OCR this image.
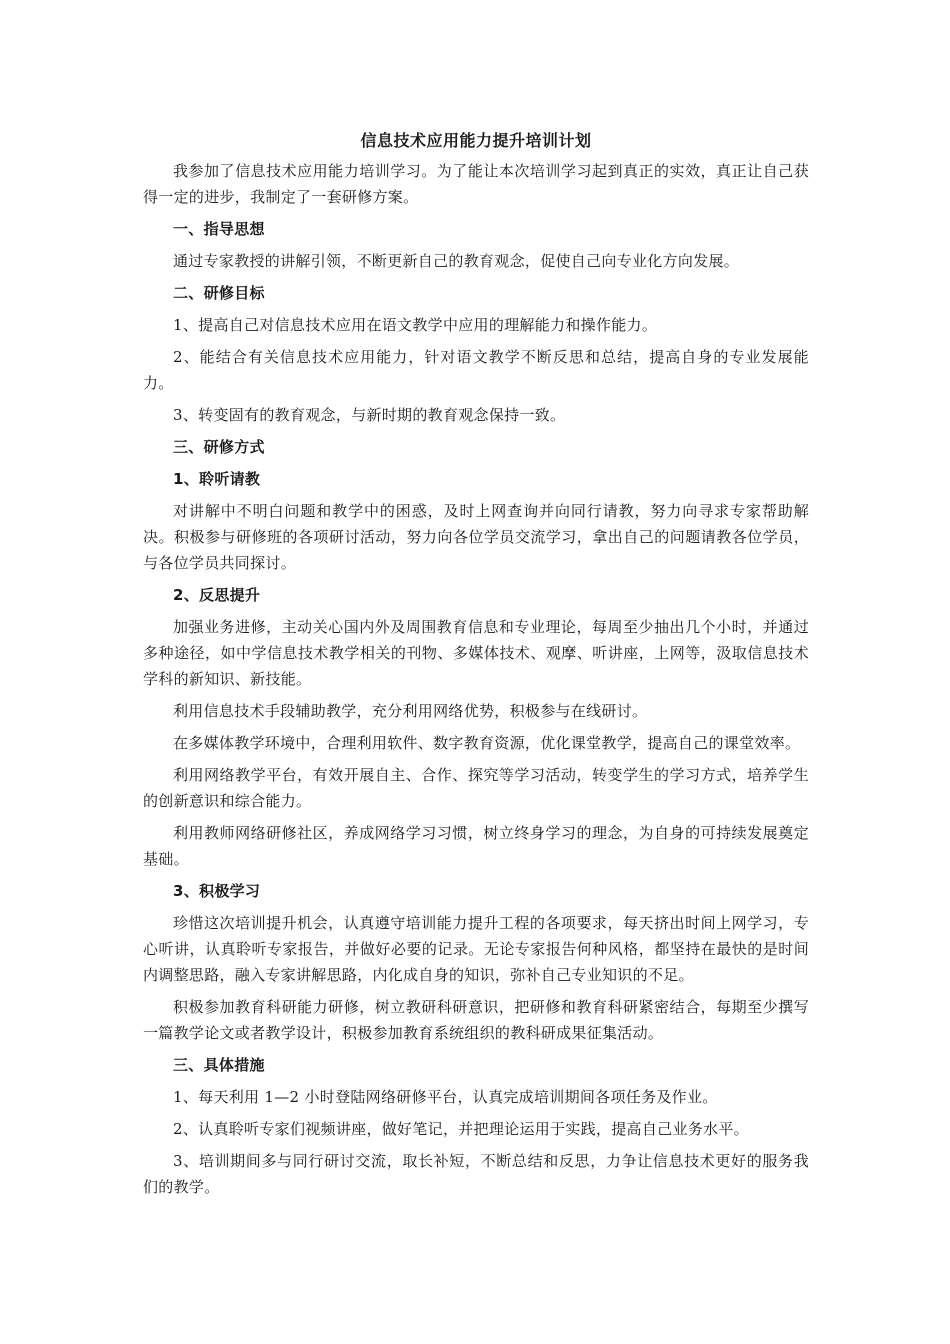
信息技术应用能力提升培训计划
我参加了信息技术应用能力培训学习。为了能让本次培训学习起到真正的实效，真正让自己获得一定的进步，我制定了一套研修方案。
一、指导思想
通过专家教授的讲解引领，不断更新自己的教育观念，促使自己向专业化方向发展。
二、研修目标
1、提高自己对信息技术应用在语文教学中应用的理解能力和操作能力。
2、能结合有关信息技术应用能力，针对语文教学不断反思和总结，提高自身的专业发展能力。
3、转变固有的教育观念，与新时期的教育观念保持一致。
三、研修方式
1、聆听请教
对讲解中不明白问题和教学中的困惑，及时上网查询并向同行请教，努力向寻求专家帮助解决。积极参与研修班的各项研讨活动，努力向各位学员交流学习，拿出自己的问题请教各位学员，与各位学员共同探讨。
2、反思提升
加强业务进修，主动关心国内外及周围教育信息和专业理论，每周至少抽出几个小时，并通过多种途径，如中学信息技术教学相关的刊物、多媒体技术、观摩、听讲座，上网等，汲取信息技术学科的新知识、新技能。
利用信息技术手段辅助教学，充分利用网络优势，积极参与在线研讨。
在多媒体教学环境中，合理利用软件、数字教育资源，优化课堂教学，提高自己的课堂效率。
利用网络教学平台，有效开展自主、合作、探究等学习活动，转变学生的学习方式，培养学生的创新意识和综合能力。
利用教师网络研修社区，养成网络学习习惯，树立终身学习的理念，为自身的可持续发展奠定基础。
3、积极学习
珍惜这次培训提升机会，认真遵守培训能力提升工程的各项要求，每天挤出时间上网学习，专心听讲，认真聆听专家报告，并做好必要的记录。无论专家报告何种风格，都坚持在最快的是时间内调整思路，融入专家讲解思路，内化成自身的知识，弥补自己专业知识的不足。
积极参加教育科研能力研修，树立教研科研意识，把研修和教育科研紧密结合，每期至少撰写一篇教学论文或者教学设计，积极参加教育系统组织的教科研成果征集活动。
三、具体措施
1、每天利用 1—2 小时登陆网络研修平台，认真完成培训期间各项任务及作业。
2、认真聆听专家们视频讲座，做好笔记，并把理论运用于实践，提高自己业务水平。
3、培训期间多与同行研讨交流，取长补短，不断总结和反思，力争让信息技术更好的服务我们的教学。
